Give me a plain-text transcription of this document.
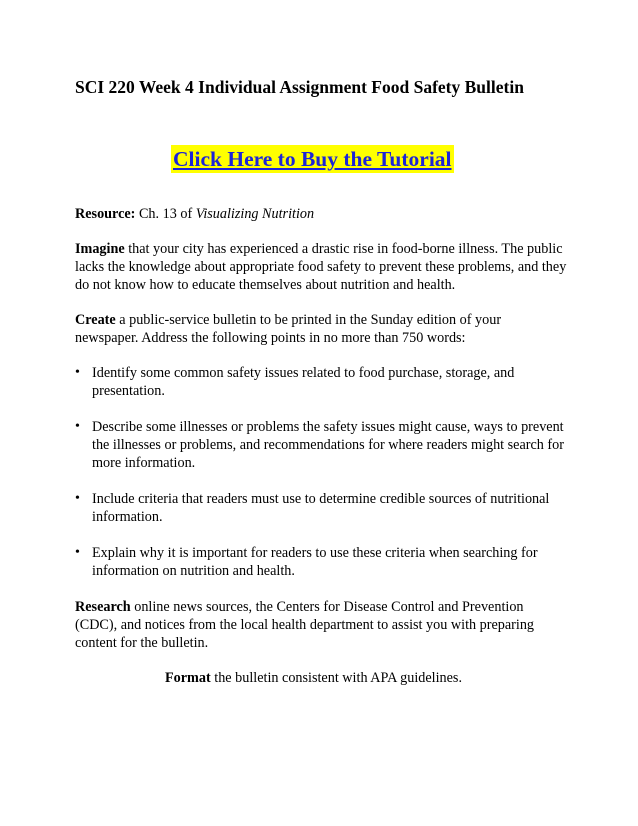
SCI 220 Week 4 Individual Assignment Food Safety Bulletin
Click Here to Buy the Tutorial

Resource: Ch. 13 of Visualizing Nutrition

Imagine that your city has experienced a drastic rise in food-borne illness. The public lacks the knowledge about appropriate food safety to prevent these problems, and they do not know how to educate themselves about nutrition and health.

Create a public-service bulletin to be printed in the Sunday edition of your newspaper. Address the following points in no more than 750 words:

• Identify some common safety issues related to food purchase, storage, and presentation.
• Describe some illnesses or problems the safety issues might cause, ways to prevent the illnesses or problems, and recommendations for where readers might search for more information.
• Include criteria that readers must use to determine credible sources of nutritional information.
• Explain why it is important for readers to use these criteria when searching for information on nutrition and health.

Research online news sources, the Centers for Disease Control and Prevention (CDC), and notices from the local health department to assist you with preparing content for the bulletin.

Format the bulletin consistent with APA guidelines.
